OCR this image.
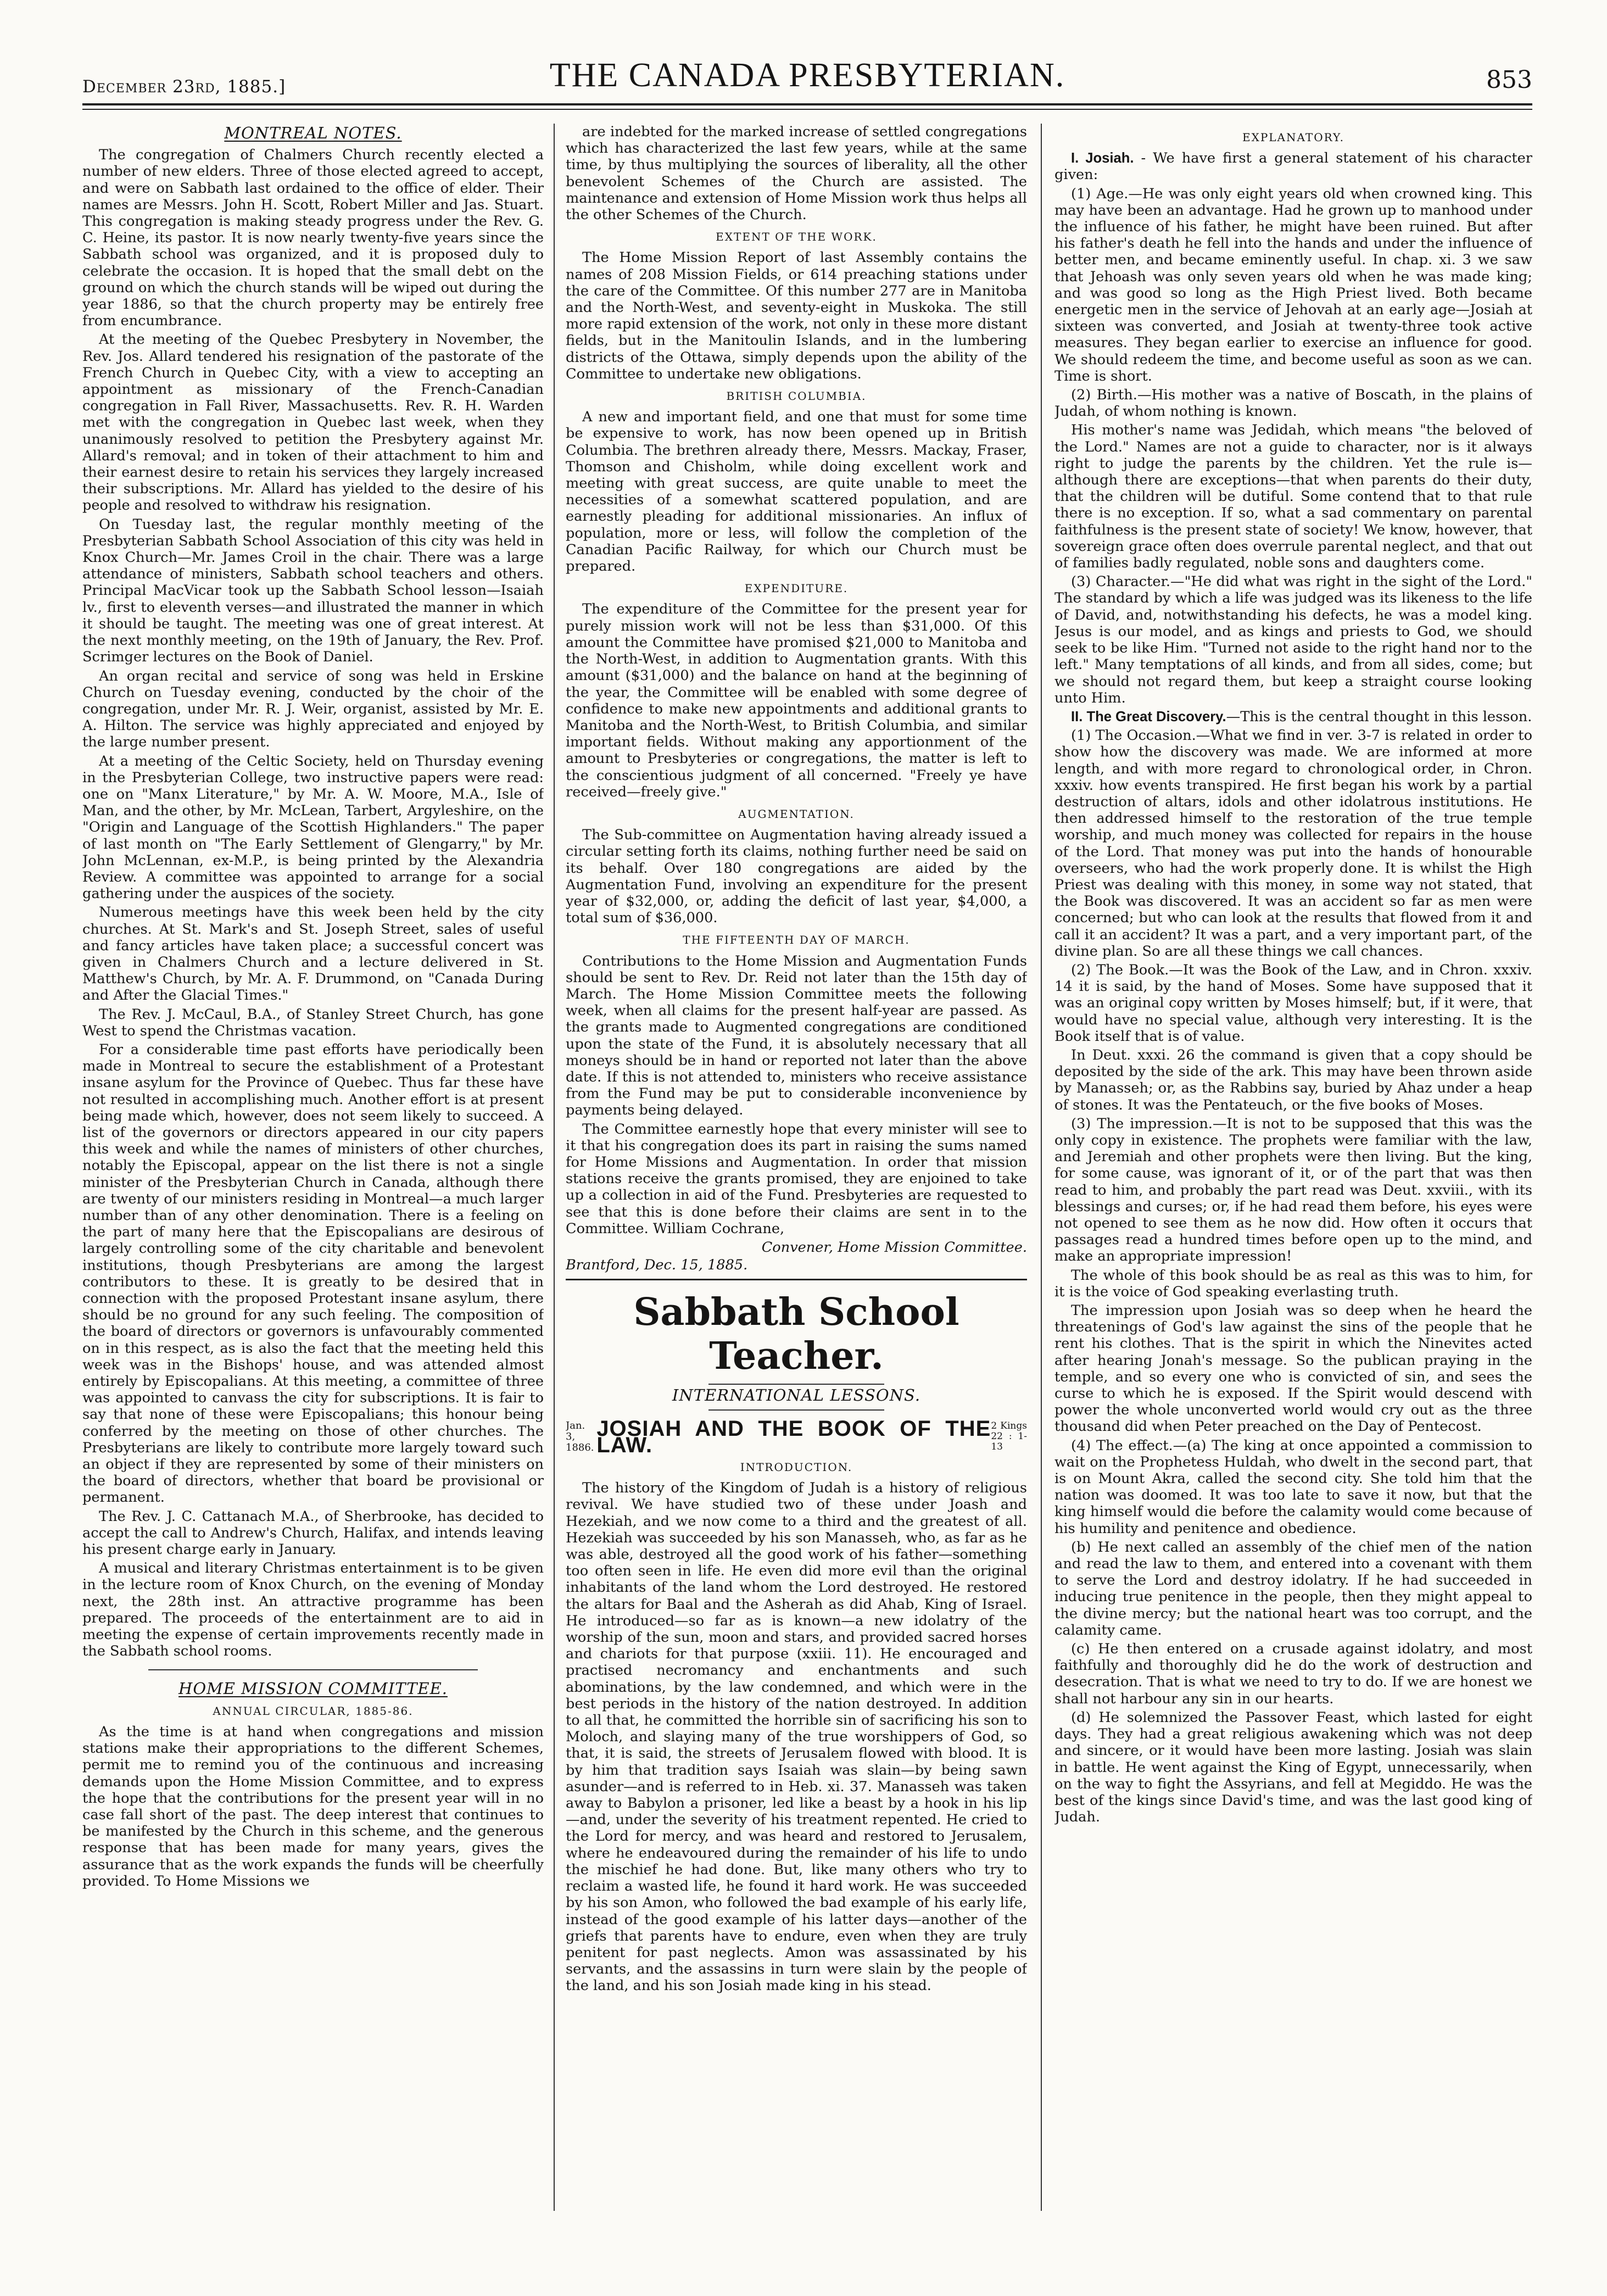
December 23rd, 1885.]	THE CANADA PRESBYTERIAN.	853
MONTREAL NOTES.

The congregation of Chalmers Church recently elected a number of new elders. Three of those elected agreed to accept, and were on Sabbath last ordained to the office of elder. Their names are Messrs. John H. Scott, Robert Miller and Jas. Stuart. This congregation is making steady progress under the Rev. G. C. Heine, its pastor. It is now nearly twenty-five years since the Sabbath school was organized, and it is proposed duly to celebrate the occasion. It is hoped that the small debt on the ground on which the church stands will be wiped out during the year 1886, so that the church property may be entirely free from encumbrance.

At the meeting of the Quebec Presbytery in November, the Rev. Jos. Allard tendered his resignation of the pastorate of the French Church in Quebec City, with a view to accepting an appointment as missionary of the French-Canadian congregation in Fall River, Massachusetts. Rev. R. H. Warden met with the congregation in Quebec last week, when they unanimously resolved to petition the Presbytery against Mr. Allard's removal; and in token of their attachment to him and their earnest desire to retain his services they largely increased their subscriptions. Mr. Allard has yielded to the desire of his people and resolved to withdraw his resignation.

On Tuesday last, the regular monthly meeting of the Presbyterian Sabbath School Association of this city was held in Knox Church—Mr. James Croil in the chair. There was a large attendance of ministers, Sabbath school teachers and others. Principal MacVicar took up the Sabbath School lesson—Isaiah lv., first to eleventh verses—and illustrated the manner in which it should be taught. The meeting was one of great interest. At the next monthly meeting, on the 19th of January, the Rev. Prof. Scrimger lectures on the Book of Daniel.

An organ recital and service of song was held in Erskine Church on Tuesday evening, conducted by the choir of the congregation, under Mr. R. J. Weir, organist, assisted by Mr. E. A. Hilton. The service was highly appreciated and enjoyed by the large number present.

At a meeting of the Celtic Society, held on Thursday evening in the Presbyterian College, two instructive papers were read: one on "Manx Literature," by Mr. A. W. Moore, M.A., Isle of Man, and the other, by Mr. McLean, Tarbert, Argyleshire, on the "Origin and Language of the Scottish Highlanders." The paper of last month on "The Early Settlement of Glengarry," by Mr. John McLennan, ex-M.P., is being printed by the Alexandria Review. A committee was appointed to arrange for a social gathering under the auspices of the society.

Numerous meetings have this week been held by the city churches. At St. Mark's and St. Joseph Street, sales of useful and fancy articles have taken place; a successful concert was given in Chalmers Church and a lecture delivered in St. Matthew's Church, by Mr. A. F. Drummond, on "Canada During and After the Glacial Times."

The Rev. J. McCaul, B.A., of Stanley Street Church, has gone West to spend the Christmas vacation.

For a considerable time past efforts have periodically been made in Montreal to secure the establishment of a Protestant insane asylum for the Province of Quebec. Thus far these have not resulted in accomplishing much. Another effort is at present being made which, however, does not seem likely to succeed. A list of the governors or directors appeared in our city papers this week and while the names of ministers of other churches, notably the Episcopal, appear on the list there is not a single minister of the Presbyterian Church in Canada, although there are twenty of our ministers residing in Montreal—a much larger number than of any other denomination. There is a feeling on the part of many here that the Episcopalians are desirous of largely controlling some of the city charitable and benevolent institutions, though Presbyterians are among the largest contributors to these. It is greatly to be desired that in connection with the proposed Protestant insane asylum, there should be no ground for any such feeling. The composition of the board of directors or governors is unfavourably commented on in this respect, as is also the fact that the meeting held this week was in the Bishops' house, and was attended almost entirely by Episcopalians. At this meeting, a committee of three was appointed to canvass the city for subscriptions. It is fair to say that none of these were Episcopalians; this honour being conferred by the meeting on those of other churches. The Presbyterians are likely to contribute more largely toward such an object if they are represented by some of their ministers on the board of directors, whether that board be provisional or permanent.

The Rev. J. C. Cattanach M.A., of Sherbrooke, has decided to accept the call to Andrew's Church, Halifax, and intends leaving his present charge early in January.

A musical and literary Christmas entertainment is to be given in the lecture room of Knox Church, on the evening of Monday next, the 28th inst. An attractive programme has been prepared. The proceeds of the entertainment are to aid in meeting the expense of certain improvements recently made in the Sabbath school rooms.

HOME MISSION COMMITTEE.
ANNUAL CIRCULAR, 1885-86.

As the time is at hand when congregations and mission stations make their appropriations to the different Schemes, permit me to remind you of the continuous and increasing demands upon the Home Mission Committee, and to express the hope that the contributions for the present year will in no case fall short of the past. The deep interest that continues to be manifested by the Church in this scheme, and the generous response that has been made for many years, gives the assurance that as the work expands the funds will be cheerfully provided. To Home Missions we

are indebted for the marked increase of settled congregations which has characterized the last few years, while at the same time, by thus multiplying the sources of liberality, all the other benevolent Schemes of the Church are assisted. The maintenance and extension of Home Mission work thus helps all the other Schemes of the Church.

EXTENT OF THE WORK.

The Home Mission Report of last Assembly contains the names of 208 Mission Fields, or 614 preaching stations under the care of the Committee. Of this number 277 are in Manitoba and the North-West, and seventy-eight in Muskoka. The still more rapid extension of the work, not only in these more distant fields, but in the Manitoulin Islands, and in the lumbering districts of the Ottawa, simply depends upon the ability of the Committee to undertake new obligations.

BRITISH COLUMBIA.

A new and important field, and one that must for some time be expensive to work, has now been opened up in British Columbia. The brethren already there, Messrs. Mackay, Fraser, Thomson and Chisholm, while doing excellent work and meeting with great success, are quite unable to meet the necessities of a somewhat scattered population, and are earnestly pleading for additional missionaries. An influx of population, more or less, will follow the completion of the Canadian Pacific Railway, for which our Church must be prepared.

EXPENDITURE.

The expenditure of the Committee for the present year for purely mission work will not be less than $31,000. Of this amount the Committee have promised $21,000 to Manitoba and the North-West, in addition to Augmentation grants. With this amount ($31,000) and the balance on hand at the beginning of the year, the Committee will be enabled with some degree of confidence to make new appointments and additional grants to Manitoba and the North-West, to British Columbia, and similar important fields. Without making any apportionment of the amount to Presbyteries or congregations, the matter is left to the conscientious judgment of all concerned. "Freely ye have received—freely give."

AUGMENTATION.

The Sub-committee on Augmentation having already issued a circular setting forth its claims, nothing further need be said on its behalf. Over 180 congregations are aided by the Augmentation Fund, involving an expenditure for the present year of $32,000, or, adding the deficit of last year, $4,000, a total sum of $36,000.

THE FIFTEENTH DAY OF MARCH.

Contributions to the Home Mission and Augmentation Funds should be sent to Rev. Dr. Reid not later than the 15th day of March. The Home Mission Committee meets the following week, when all claims for the present half-year are passed. As the grants made to Augmented congregations are conditioned upon the state of the Fund, it is absolutely necessary that all moneys should be in hand or reported not later than the above date. If this is not attended to, ministers who receive assistance from the Fund may be put to considerable inconvenience by payments being delayed.

The Committee earnestly hope that every minister will see to it that his congregation does its part in raising the sums named for Home Missions and Augmentation. In order that mission stations receive the grants promised, they are enjoined to take up a collection in aid of the Fund. Presbyteries are requested to see that this is done before their claims are sent in to the Committee. William Cochrane,

Convener, Home Mission Committee.
Brantford, Dec. 15, 1885.
Sabbath School Teacher.
INTERNATIONAL LESSONS.
Jan. 3, 1886.
JOSIAH AND THE BOOK OF THE LAW.
2 Kings 22 : 1-13
INTRODUCTION.

The history of the Kingdom of Judah is a history of religious revival. We have studied two of these under Joash and Hezekiah, and we now come to a third and the greatest of all. Hezekiah was succeeded by his son Manasseh, who, as far as he was able, destroyed all the good work of his father—something too often seen in life. He even did more evil than the original inhabitants of the land whom the Lord destroyed. He restored the altars for Baal and the Asherah as did Ahab, King of Israel. He introduced—so far as is known—a new idolatry of the worship of the sun, moon and stars, and provided sacred horses and chariots for that purpose (xxiii. 11). He encouraged and practised necromancy and enchantments and such abominations, by the law condemned, and which were in the best periods in the history of the nation destroyed. In addition to all that, he committed the horrible sin of sacrificing his son to Moloch, and slaying many of the true worshippers of God, so that, it is said, the streets of Jerusalem flowed with blood. It is by him that tradition says Isaiah was slain—by being sawn asunder—and is referred to in Heb. xi. 37. Manasseh was taken away to Babylon a prisoner, led like a beast by a hook in his lip—and, under the severity of his treatment repented. He cried to the Lord for mercy, and was heard and restored to Jerusalem, where he endeavoured during the remainder of his life to undo the mischief he had done. But, like many others who try to reclaim a wasted life, he found it hard work. He was succeeded by his son Amon, who followed the bad example of his early life, instead of the good example of his latter days—another of the griefs that parents have to endure, even when they are truly penitent for past neglects. Amon was assassinated by his servants, and the assassins in turn were slain by the people of the land, and his son Josiah made king in his stead.

EXPLANATORY.
I. Josiah. - We have first a general statement of his character given:

(1) Age.—He was only eight years old when crowned king. This may have been an advantage. Had he grown up to manhood under the influence of his father, he might have been ruined. But after his father's death he fell into the hands and under the influence of better men, and became eminently useful. In chap. xi. 3 we saw that Jehoash was only seven years old when he was made king; and was good so long as the High Priest lived. Both became energetic men in the service of Jehovah at an early age—Josiah at sixteen was converted, and Josiah at twenty-three took active measures. They began earlier to exercise an influence for good. We should redeem the time, and become useful as soon as we can. Time is short.

(2) Birth.—His mother was a native of Boscath, in the plains of Judah, of whom nothing is known.

His mother's name was Jedidah, which means "the beloved of the Lord." Names are not a guide to character, nor is it always right to judge the parents by the children. Yet the rule is—although there are exceptions—that when parents do their duty, that the children will be dutiful. Some contend that to that rule there is no exception. If so, what a sad commentary on parental faithfulness is the present state of society! We know, however, that sovereign grace often does overrule parental neglect, and that out of families badly regulated, noble sons and daughters come.

(3) Character.—"He did what was right in the sight of the Lord." The standard by which a life was judged was its likeness to the life of David, and, notwithstanding his defects, he was a model king. Jesus is our model, and as kings and priests to God, we should seek to be like Him. "Turned not aside to the right hand nor to the left." Many temptations of all kinds, and from all sides, come; but we should not regard them, but keep a straight course looking unto Him.

II. The Great Discovery.—This is the central thought in this lesson.

(1) The Occasion.—What we find in ver. 3-7 is related in order to show how the discovery was made. We are informed at more length, and with more regard to chronological order, in Chron. xxxiv. how events transpired. He first began his work by a partial destruction of altars, idols and other idolatrous institutions. He then addressed himself to the restoration of the true temple worship, and much money was collected for repairs in the house of the Lord. That money was put into the hands of honourable overseers, who had the work properly done. It is whilst the High Priest was dealing with this money, in some way not stated, that the Book was discovered. It was an accident so far as men were concerned; but who can look at the results that flowed from it and call it an accident? It was a part, and a very important part, of the divine plan. So are all these things we call chances.

(2) The Book.—It was the Book of the Law, and in Chron. xxxiv. 14 it is said, by the hand of Moses. Some have supposed that it was an original copy written by Moses himself; but, if it were, that would have no special value, although very interesting. It is the Book itself that is of value.

In Deut. xxxi. 26 the command is given that a copy should be deposited by the side of the ark. This may have been thrown aside by Manasseh; or, as the Rabbins say, buried by Ahaz under a heap of stones. It was the Pentateuch, or the five books of Moses.

(3) The impression.—It is not to be supposed that this was the only copy in existence. The prophets were familiar with the law, and Jeremiah and other prophets were then living. But the king, for some cause, was ignorant of it, or of the part that was then read to him, and probably the part read was Deut. xxviii., with its blessings and curses; or, if he had read them before, his eyes were not opened to see them as he now did. How often it occurs that passages read a hundred times before open up to the mind, and make an appropriate impression!

The whole of this book should be as real as this was to him, for it is the voice of God speaking everlasting truth.

The impression upon Josiah was so deep when he heard the threatenings of God's law against the sins of the people that he rent his clothes. That is the spirit in which the Ninevites acted after hearing Jonah's message. So the publican praying in the temple, and so every one who is convicted of sin, and sees the curse to which he is exposed. If the Spirit would descend with power the whole unconverted world would cry out as the three thousand did when Peter preached on the Day of Pentecost.

(4) The effect.—(a) The king at once appointed a commission to wait on the Prophetess Huldah, who dwelt in the second part, that is on Mount Akra, called the second city. She told him that the nation was doomed. It was too late to save it now, but that the king himself would die before the calamity would come because of his humility and penitence and obedience.

(b) He next called an assembly of the chief men of the nation and read the law to them, and entered into a covenant with them to serve the Lord and destroy idolatry. If he had succeeded in inducing true penitence in the people, then they might appeal to the divine mercy; but the national heart was too corrupt, and the calamity came.

(c) He then entered on a crusade against idolatry, and most faithfully and thoroughly did he do the work of destruction and desecration. That is what we need to try to do. If we are honest we shall not harbour any sin in our hearts.

(d) He solemnized the Passover Feast, which lasted for eight days. They had a great religious awakening which was not deep and sincere, or it would have been more lasting. Josiah was slain in battle. He went against the King of Egypt, unnecessarily, when on the way to fight the Assyrians, and fell at Megiddo. He was the best of the kings since David's time, and was the last good king of Judah.
